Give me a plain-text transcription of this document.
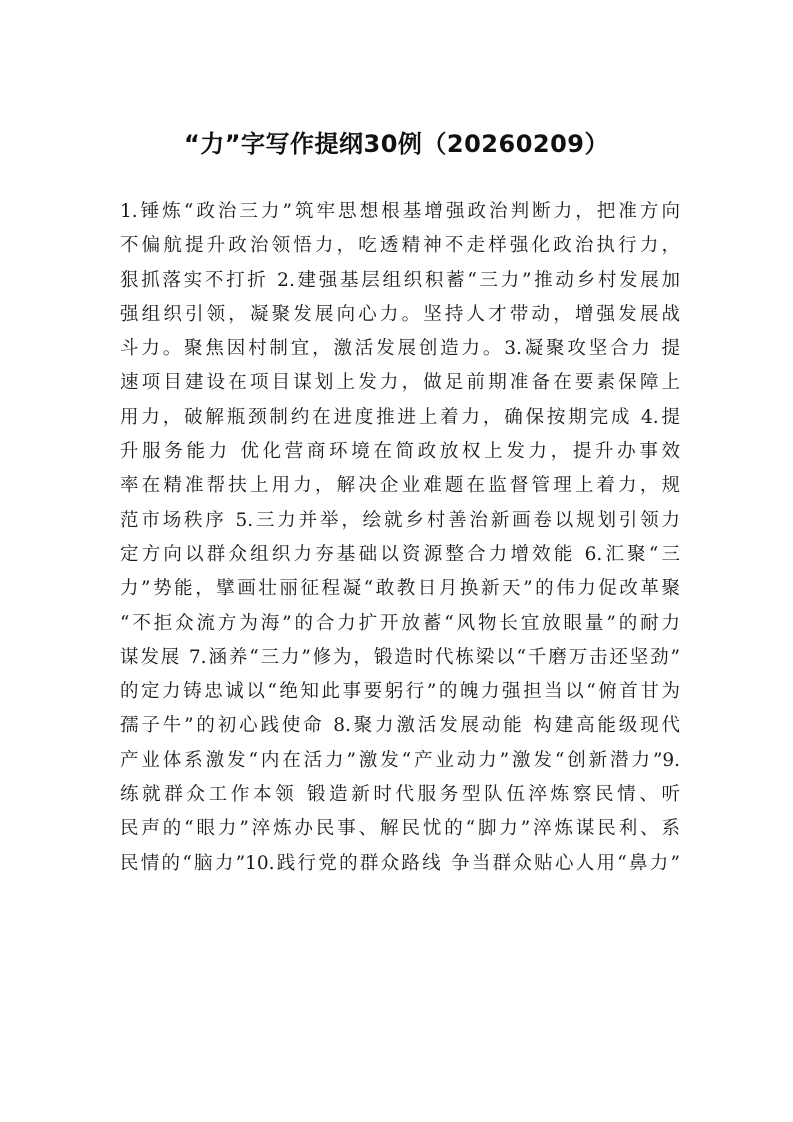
“力”字写作提纲30例（20260209）
1.锤炼“政治三力”筑牢思想根基增强政治判断力，把准方向
不偏航提升政治领悟力，吃透精神不走样强化政治执行力，
狠抓落实不打折 2.建强基层组织积蓄“三力”推动乡村发展加
强组织引领，凝聚发展向心力。坚持人才带动，增强发展战
斗力。聚焦因村制宜，激活发展创造力。3.凝聚攻坚合力 提
速项目建设在项目谋划上发力，做足前期准备在要素保障上
用力，破解瓶颈制约在进度推进上着力，确保按期完成 4.提
升服务能力 优化营商环境在简政放权上发力，提升办事效
率在精准帮扶上用力，解决企业难题在监督管理上着力，规
范市场秩序 5.三力并举，绘就乡村善治新画卷以规划引领力
定方向以群众组织力夯基础以资源整合力增效能 6.汇聚“三
力”势能，擘画壮丽征程凝“敢教日月换新天”的伟力促改革聚
“不拒众流方为海”的合力扩开放蓄“风物长宜放眼量”的耐力
谋发展 7.涵养“三力”修为，锻造时代栋梁以“千磨万击还坚劲”
的定力铸忠诚以“绝知此事要躬行”的魄力强担当以“俯首甘为
孺子牛”的初心践使命 8.聚力激活发展动能 构建高能级现代
产业体系激发“内在活力”激发“产业动力”激发“创新潜力”9.
练就群众工作本领 锻造新时代服务型队伍淬炼察民情、听
民声的“眼力”淬炼办民事、解民忧的“脚力”淬炼谋民利、系
民情的“脑力”10.践行党的群众路线 争当群众贴心人用“鼻力”
